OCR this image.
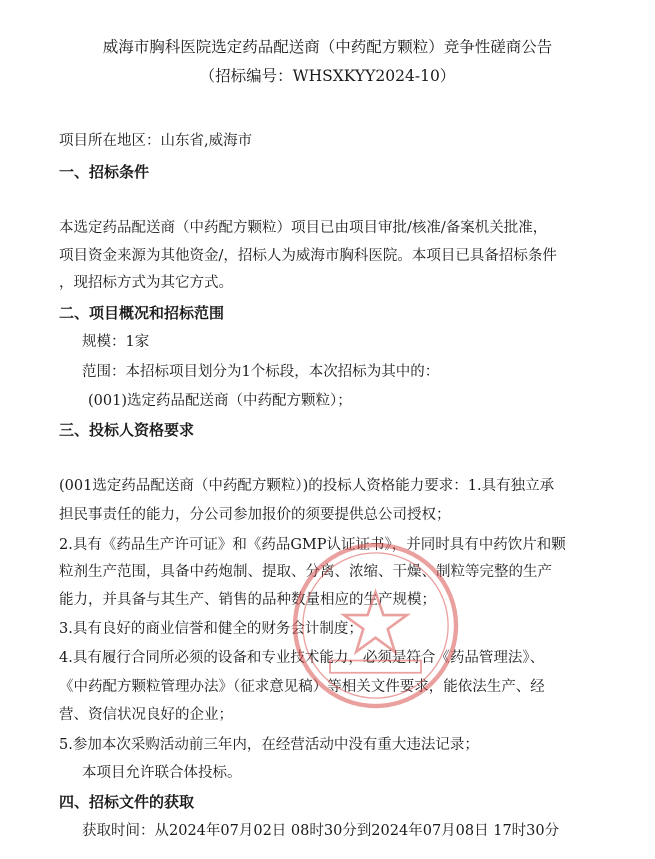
威海市胸科医院选定药品配送商（中药配方颗粒）竞争性磋商公告
（招标编号：WHSXKYY2024-10）
项目所在地区：山东省,威海市
一、招标条件
本选定药品配送商（中药配方颗粒）项目已由项目审批/核准/备案机关批准，
项目资金来源为其他资金/，招标人为威海市胸科医院。本项目已具备招标条件
，现招标方式为其它方式。
二、项目概况和招标范围
规模：1家
范围：本招标项目划分为1个标段，本次招标为其中的：
(001)选定药品配送商（中药配方颗粒）；
三、投标人资格要求
(001选定药品配送商（中药配方颗粒）)的投标人资格能力要求：1.具有独立承
担民事责任的能力，分公司参加报价的须要提供总公司授权；
2.具有《药品生产许可证》和《药品GMP认证证书》，并同时具有中药饮片和颗
粒剂生产范围，具备中药炮制、提取、分离、浓缩、干燥、制粒等完整的生产
能力，并具备与其生产、销售的品种数量相应的生产规模；
3.具有良好的商业信誉和健全的财务会计制度；
4.具有履行合同所必须的设备和专业技术能力，必须是符合《药品管理法》、
《中药配方颗粒管理办法》（征求意见稿）等相关文件要求，能依法生产、经
营、资信状况良好的企业；
5.参加本次采购活动前三年内，在经营活动中没有重大违法记录；
本项目允许联合体投标。
四、招标文件的获取
获取时间：从2024年07月02日 08时30分到2024年07月08日 17时30分
